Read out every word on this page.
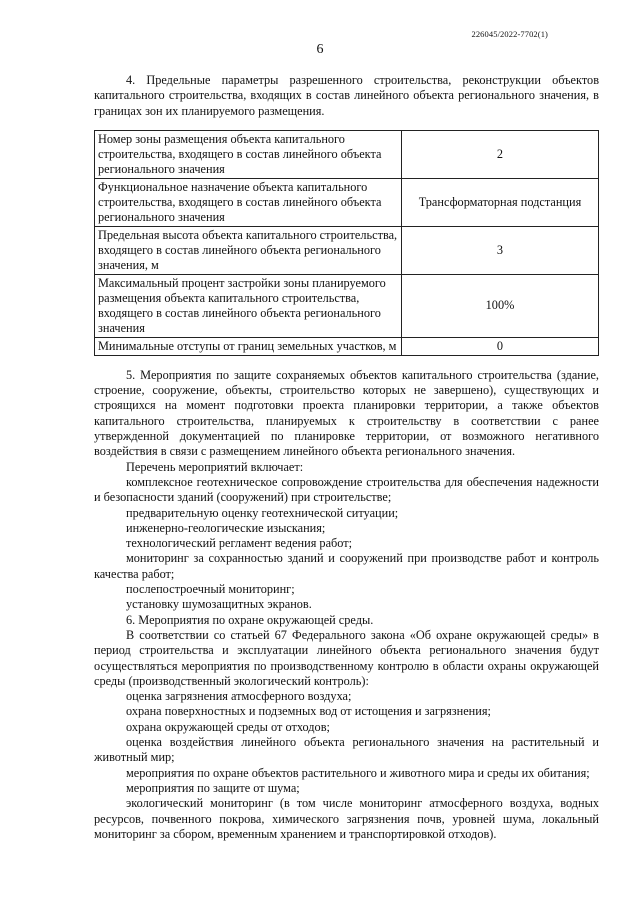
226045/2022-7702(1)
6

4. Предельные параметры разрешенного строительства, реконструкции объектов капитального строительства, входящих в состав линейного объекта регионального значения, в границах зон их планируемого размещения.

Номер зоны размещения объекта капитального строительства, входящего в состав линейного объекта регионального значения	2
Функциональное назначение объекта капитального строительства, входящего в состав линейного объекта регионального значения	Трансформаторная подстанция
Предельная высота объекта капитального строительства, входящего в состав линейного объекта регионального значения, м	3
Максимальный процент застройки зоны планируемого размещения объекта капитального строительства, входящего в состав линейного объекта регионального значения	100%
Минимальные отступы от границ земельных участков, м	0

5. Мероприятия по защите сохраняемых объектов капитального строительства (здание, строение, сооружение, объекты, строительство которых не завершено), существующих и строящихся на момент подготовки проекта планировки территории, а также объектов капитального строительства, планируемых к строительству в соответствии с ранее утвержденной документацией по планировке территории, от возможного негативного воздействия в связи с размещением линейного объекта регионального значения.

Перечень мероприятий включает:

комплексное геотехническое сопровождение строительства для обеспечения надежности и безопасности зданий (сооружений) при строительстве;

предварительную оценку геотехнической ситуации;

инженерно-геологические изыскания;

технологический регламент ведения работ;

мониторинг за сохранностью зданий и сооружений при производстве работ и контроль качества работ;

послепостроечный мониторинг;

установку шумозащитных экранов.

6. Мероприятия по охране окружающей среды.

В соответствии со статьей 67 Федерального закона «Об охране окружающей среды» в период строительства и эксплуатации линейного объекта регионального значения будут осуществляться мероприятия по производственному контролю в области охраны окружающей среды (производственный экологический контроль):

оценка загрязнения атмосферного воздуха;

охрана поверхностных и подземных вод от истощения и загрязнения;

охрана окружающей среды от отходов;

оценка воздействия линейного объекта регионального значения на растительный и животный мир;

мероприятия по охране объектов растительного и животного мира и среды их обитания;

мероприятия по защите от шума;

экологический мониторинг (в том числе мониторинг атмосферного воздуха, водных ресурсов, почвенного покрова, химического загрязнения почв, уровней шума, локальный мониторинг за сбором, временным хранением и транспортировкой отходов).
